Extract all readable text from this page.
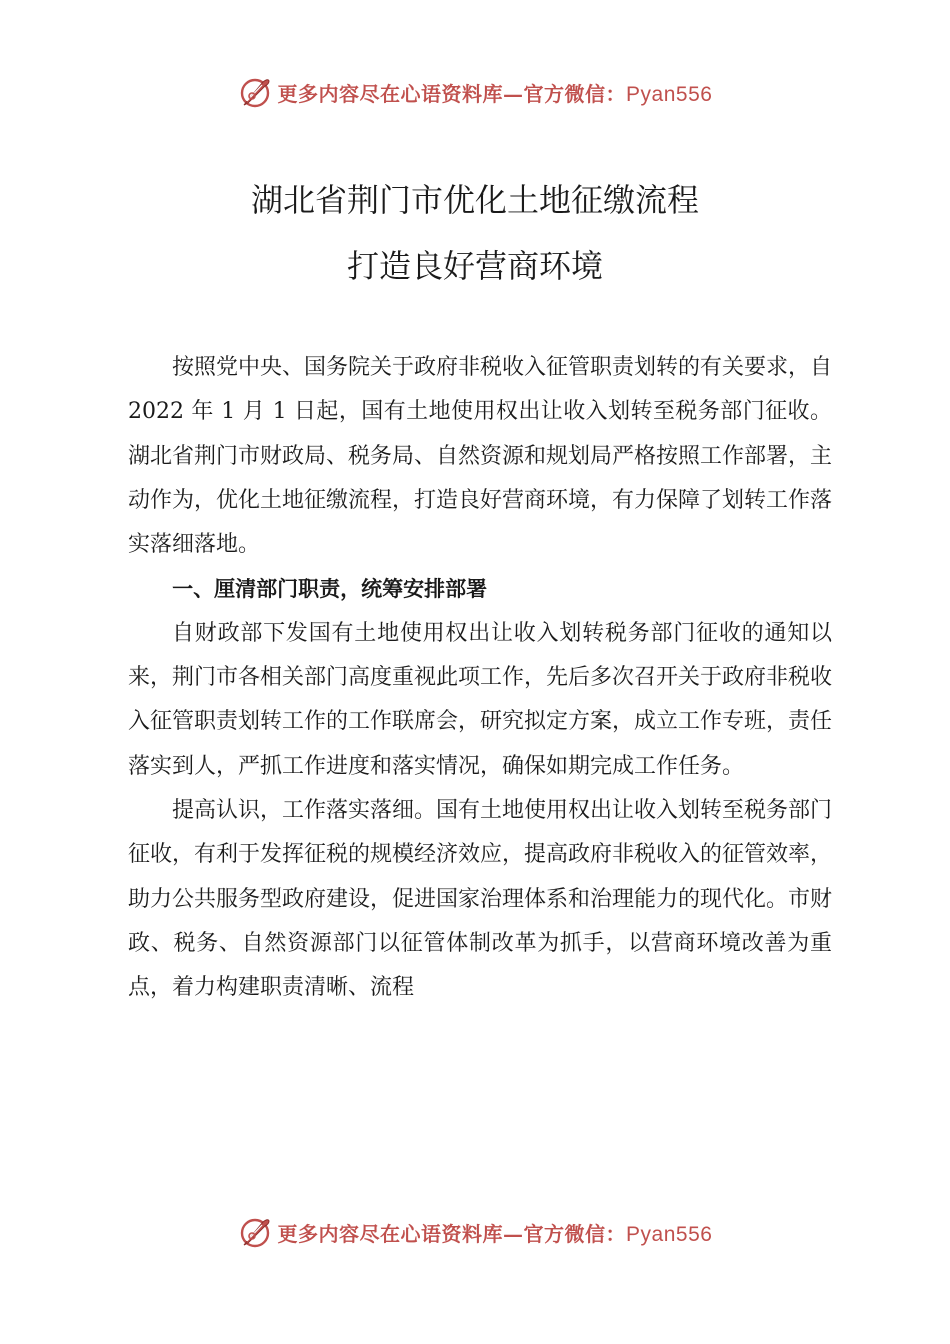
更多内容尽在心语资料库—官方微信：Pyan556
湖北省荆门市优化土地征缴流程
打造良好营商环境

按照党中央、国务院关于政府非税收入征管职责划转的有关要求，自 2022 年 1 月 1 日起，国有土地使用权出让收入划转至税务部门征收。湖北省荆门市财政局、税务局、自然资源和规划局严格按照工作部署，主动作为，优化土地征缴流程，打造良好营商环境，有力保障了划转工作落实落细落地。

一、厘清部门职责，统筹安排部署

自财政部下发国有土地使用权出让收入划转税务部门征收的通知以来，荆门市各相关部门高度重视此项工作，先后多次召开关于政府非税收入征管职责划转工作的工作联席会，研究拟定方案，成立工作专班，责任落实到人，严抓工作进度和落实情况，确保如期完成工作任务。

提高认识，工作落实落细。国有土地使用权出让收入划转至税务部门征收，有利于发挥征税的规模经济效应，提高政府非税收入的征管效率，助力公共服务型政府建设，促进国家治理体系和治理能力的现代化。市财政、税务、自然资源部门以征管体制改革为抓手，以营商环境改善为重点，着力构建职责清晰、流程

更多内容尽在心语资料库—官方微信：Pyan556
